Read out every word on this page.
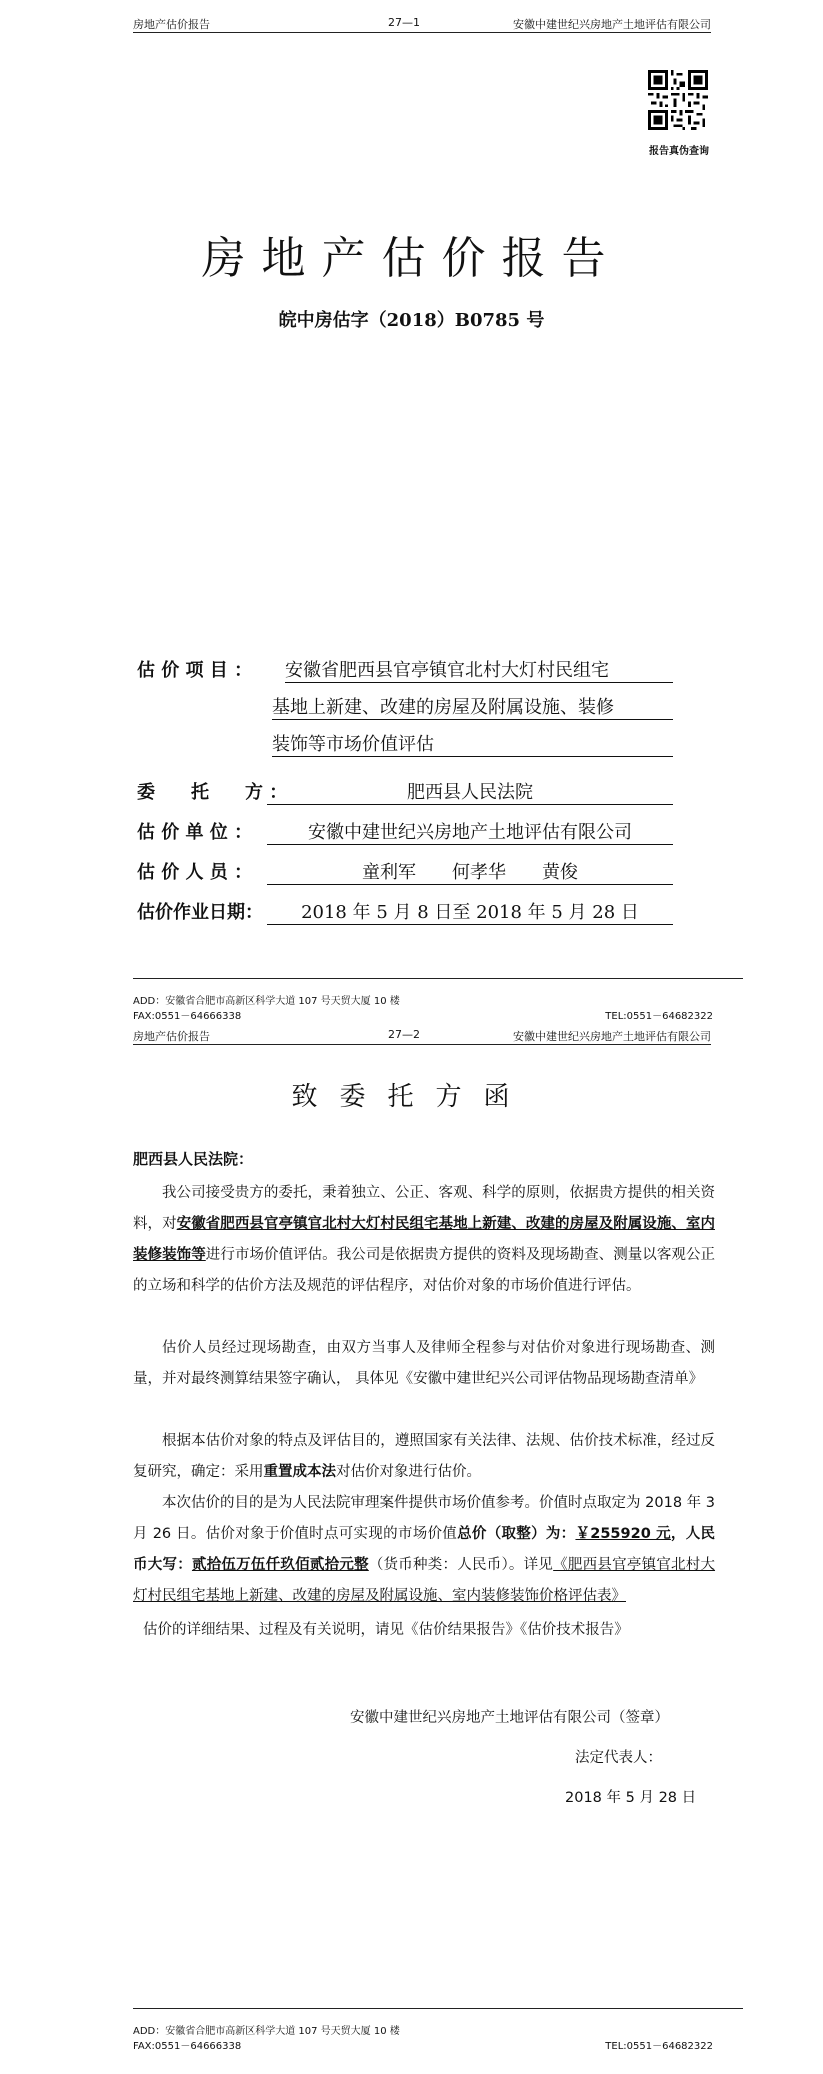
房地产估价报告	27—1	安徽中建世纪兴房地产土地评估有限公司
报告真伪查询
房地产估价报告
皖中房估字（2018）B0785 号
估 价 项 目 ： 安徽省肥西县官亭镇官北村大灯村民组宅
基地上新建、改建的房屋及附属设施、装修
装饰等市场价值评估
委　　托　　方 ：	肥西县人民法院
估 价 单 位 ：	安徽中建世纪兴房地产土地评估有限公司
估 价 人 员 ：	童利军　　何孝华　　黄俊
估价作业日期：	2018 年 5 月 8 日至 2018 年 5 月 28 日
ADD：安徽省合肥市高新区科学大道 107 号天贸大厦 10 楼
FAX:0551－64666338	TEL:0551－64682322
房地产估价报告	27—2	安徽中建世纪兴房地产土地评估有限公司
致委托方函
肥西县人民法院：
我公司接受贵方的委托，秉着独立、公正、客观、科学的原则，依据贵方提供的相关资料，对安徽省肥西县官亭镇官北村大灯村民组宅基地上新建、改建的房屋及附属设施、室内装修装饰等进行市场价值评估。我公司是依据贵方提供的资料及现场勘查、测量以客观公正的立场和科学的估价方法及规范的评估程序，对估价对象的市场价值进行评估。
估价人员经过现场勘查，由双方当事人及律师全程参与对估价对象进行现场勘查、测量，并对最终测算结果签字确认， 具体见《安徽中建世纪兴公司评估物品现场勘查清单》
根据本估价对象的特点及评估目的，遵照国家有关法律、法规、估价技术标准，经过反复研究，确定：采用重置成本法对估价对象进行估价。
本次估价的目的是为人民法院审理案件提供市场价值参考。价值时点取定为 2018 年 3 月 26 日。估价对象于价值时点可实现的市场价值总价（取整）为：￥255920 元，人民币大写：贰拾伍万伍仟玖佰贰拾元整（货币种类：人民币）。详见《肥西县官亭镇官北村大灯村民组宅基地上新建、改建的房屋及附属设施、室内装修装饰价格评估表》
估价的详细结果、过程及有关说明，请见《估价结果报告》《估价技术报告》
安徽中建世纪兴房地产土地评估有限公司（签章）
法定代表人：
2018 年 5 月 28 日
ADD：安徽省合肥市高新区科学大道 107 号天贸大厦 10 楼
FAX:0551－64666338	TEL:0551－64682322
